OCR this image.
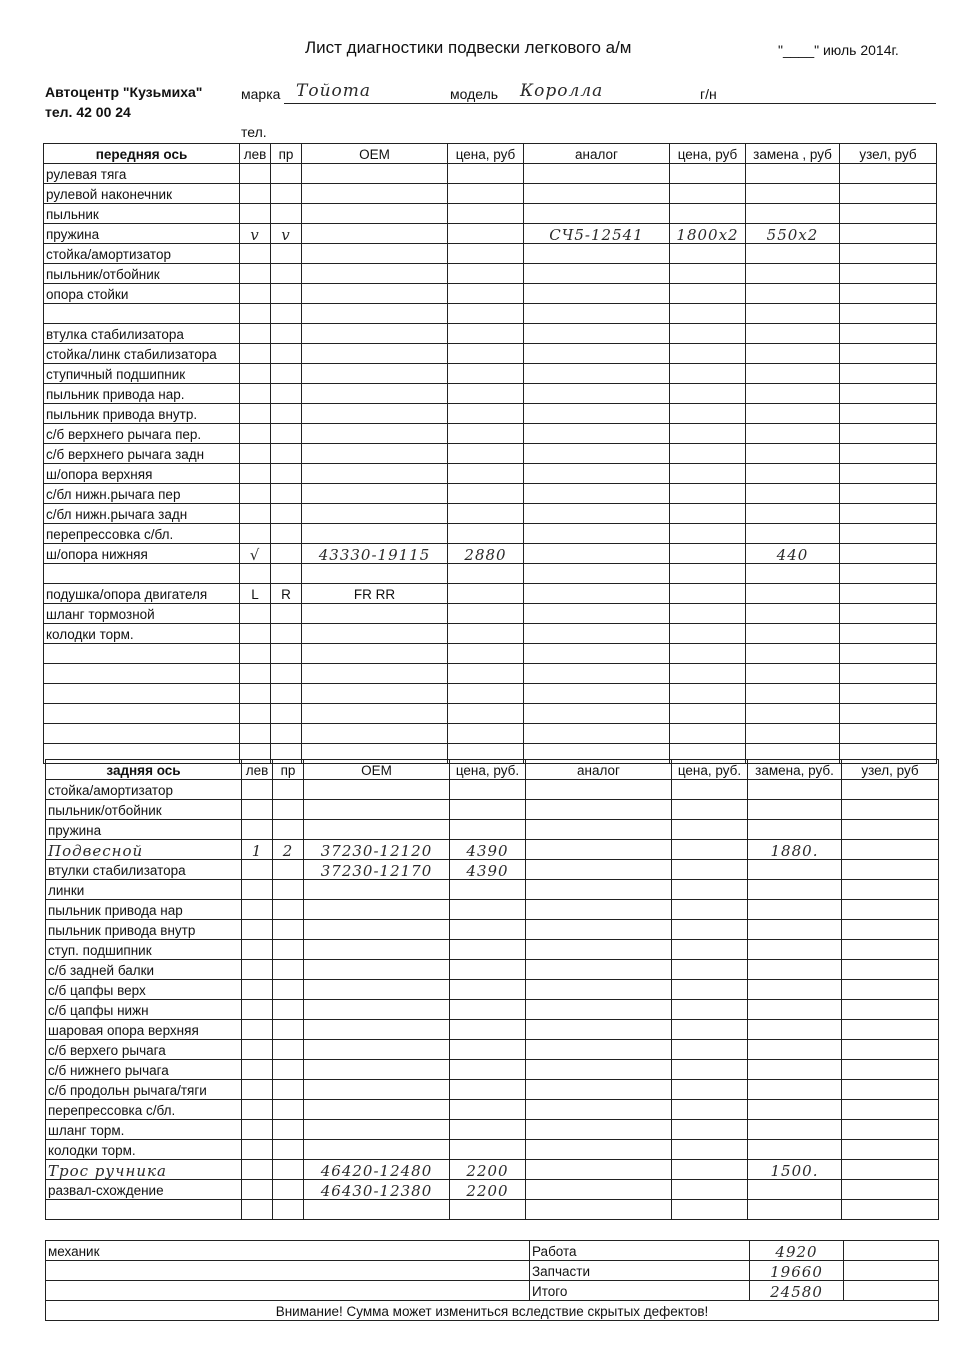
Лист диагностики подвески легкового а/м	"____" июль 2014г.
Автоцентр "Кузьмиха"
тел. 42 00 24
марка Тойота	модель Королла	г/н
тел.
передняя ось	лев	пр	OEM	цена, руб	аналог	цена, руб	замена , руб	узел, руб
рулевая тяга								
рулевой наконечник								
пыльник								
пружина	v	v			СЧ5-12541	1800x2	550x2	
стойка/амортизатор								
пыльник/отбойник								
опора стойки								

втулка стабилизатора								
стойка/линк стабилизатора								
ступичный подшипник								
пыльник привода нар.								
пыльник привода внутр.								
с/б верхнего рычага пер.								
с/б верхнего рычага задн								
ш/опора верхняя								
с/бл нижн.рычага пер								
с/бл нижн.рычага задн								
перепрессовка с/бл.								
ш/опора нижняя	√		43330-19115	2880			440	

подушка/опора двигателя	L	R	FR RR					
шланг тормозной								
колодки торм.								

задняя ось	лев	пр	OEM	цена, руб.	аналог	цена, руб.	замена, руб.	узел, руб
стойка/амортизатор								
пыльник/отбойник								
пружина								
Подвесной	1	2	37230-12120	4390			1880.	
втулки стабилизатора			37230-12170	4390				
линки								
пыльник привода нар								
пыльник привода внутр								
ступ. подшипник								
с/б задней балки								
с/б цапфы верх								
с/б цапфы нижн								
шаровая опора верхняя								
с/б верхего рычага								
с/б нижнего рычага								
с/б продольн рычага/тяги								
перепрессовка с/бл.								
шланг торм.								
колодки торм.								
Трос ручника			46420-12480	2200			1500.	
развал-схождение			46430-12380	2200				

механик	Работа	4920	
	Запчасти	19660	
	Итого	24580	
Внимание! Сумма может измениться вследствие скрытых дефектов!			
